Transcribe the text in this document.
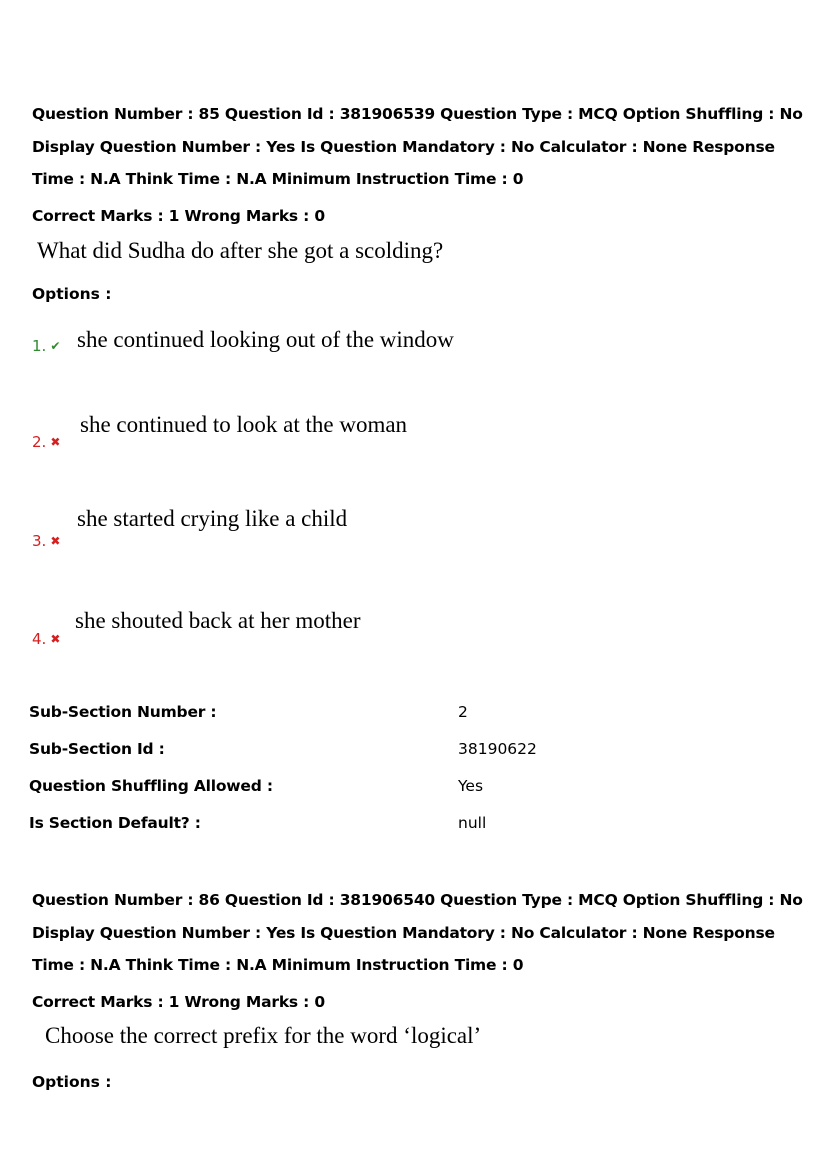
Question Number : 85 Question Id : 381906539 Question Type : MCQ Option Shuffling : No Display Question Number : Yes Is Question Mandatory : No Calculator : None Response Time : N.A Think Time : N.A Minimum Instruction Time : 0

Correct Marks : 1 Wrong Marks : 0

What did Sudha do after she got a scolding?

Options :

1. ✔ she continued looking out of the window
2. ✖
she continued to look at the woman
3. ✖
she started crying like a child
4. ✖
she shouted back at her mother
Sub-Section Number :	2
Sub-Section Id :	38190622
Question Shuffling Allowed :	Yes
Is Section Default? :	null

Question Number : 86 Question Id : 381906540 Question Type : MCQ Option Shuffling : No Display Question Number : Yes Is Question Mandatory : No Calculator : None Response Time : N.A Think Time : N.A Minimum Instruction Time : 0

Correct Marks : 1 Wrong Marks : 0

Choose the correct prefix for the word ‘logical’

Options :
